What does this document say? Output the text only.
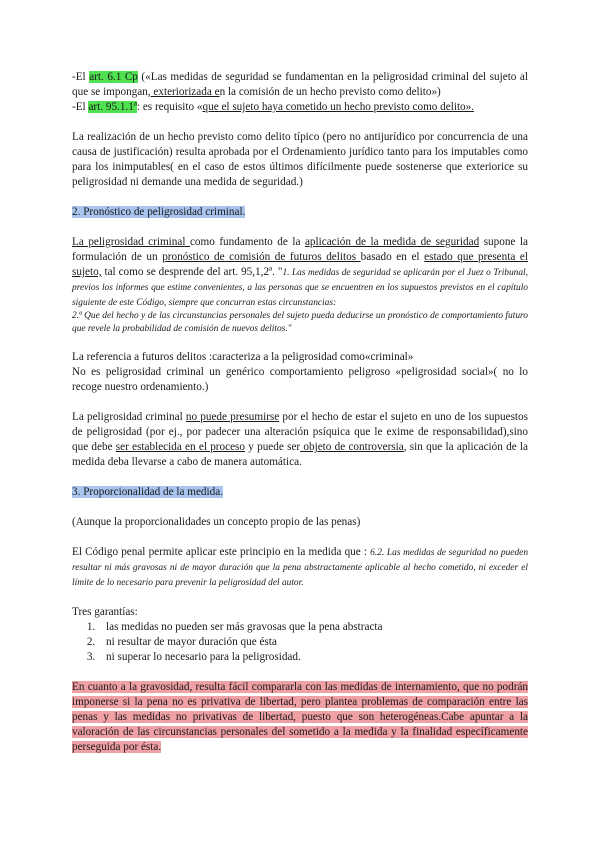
-El art. 6.1 Cp («Las medidas de seguridad se fundamentan en la peligrosidad criminal del sujeto al que se impongan, exteriorizada en la comisión de un hecho previsto como delito»)

-El art. 95.1.1ª: es requisito «que el sujeto haya cometido un hecho previsto como delito».

La realización de un hecho previsto como delito típico (pero no antijurídico por concurrencia de una causa de justificación) resulta aprobada por el Ordenamiento jurídico tanto para los imputables como para los inimputables( en el caso de estos últimos difícilmente puede sostenerse que exteriorice su peligrosidad ni demande una medida de seguridad.)

2. Pronóstico de peligrosidad criminal.

La peligrosidad criminal como fundamento de la aplicación de la medida de seguridad supone la formulación de un pronóstico de comisión de futuros delitos basado en el estado que presenta el sujeto, tal como se desprende del art. 95,1,2ª. "1. Las medidas de seguridad se aplicarán por el Juez o Tribunal, previos los informes que estime convenientes, a las personas que se encuentren en los supuestos previstos en el capítulo siguiente de este Código, siempre que concurran estas circunstancias:

2.ª Que del hecho y de las circunstancias personales del sujeto pueda deducirse un pronóstico de comportamiento futuro que revele la probabilidad de comisión de nuevos delitos."

La referencia a futuros delitos :caracteriza a la peligrosidad como«criminal»

No es peligrosidad criminal un genérico comportamiento peligroso «peligrosidad social»( no lo recoge nuestro ordenamiento.)

La peligrosidad criminal no puede presumirse por el hecho de estar el sujeto en uno de los supuestos de peligrosidad (por ej., por padecer una alteración psíquica que le exime de responsabilidad),sino que debe ser establecida en el proceso y puede ser objeto de controversia, sin que la aplicación de la medida deba llevarse a cabo de manera automática.

3. Proporcionalidad de la medida.

(Aunque la proporcionalidades un concepto propio de las penas)

El Código penal permite aplicar este principio en la medida que : 6.2. Las medidas de seguridad no pueden resultar ni más gravosas ni de mayor duración que la pena abstractamente aplicable al hecho cometido, ni exceder el límite de lo necesario para prevenir la peligrosidad del autor.

Tres garantías:

1. las medidas no pueden ser más gravosas que la pena abstracta
2. ni resultar de mayor duración que ésta
3. ni superar lo necesario para la peligrosidad.

En cuanto a la gravosidad, resulta fácil compararla con las medidas de internamiento, que no podrán imponerse si la pena no es privativa de libertad, pero plantea problemas de comparación entre las penas y las medidas no privativas de libertad, puesto que son heterogéneas.Cabe apuntar a la valoración de las circunstancias personales del sometido a la medida y la finalidad específicamente perseguida por ésta.
